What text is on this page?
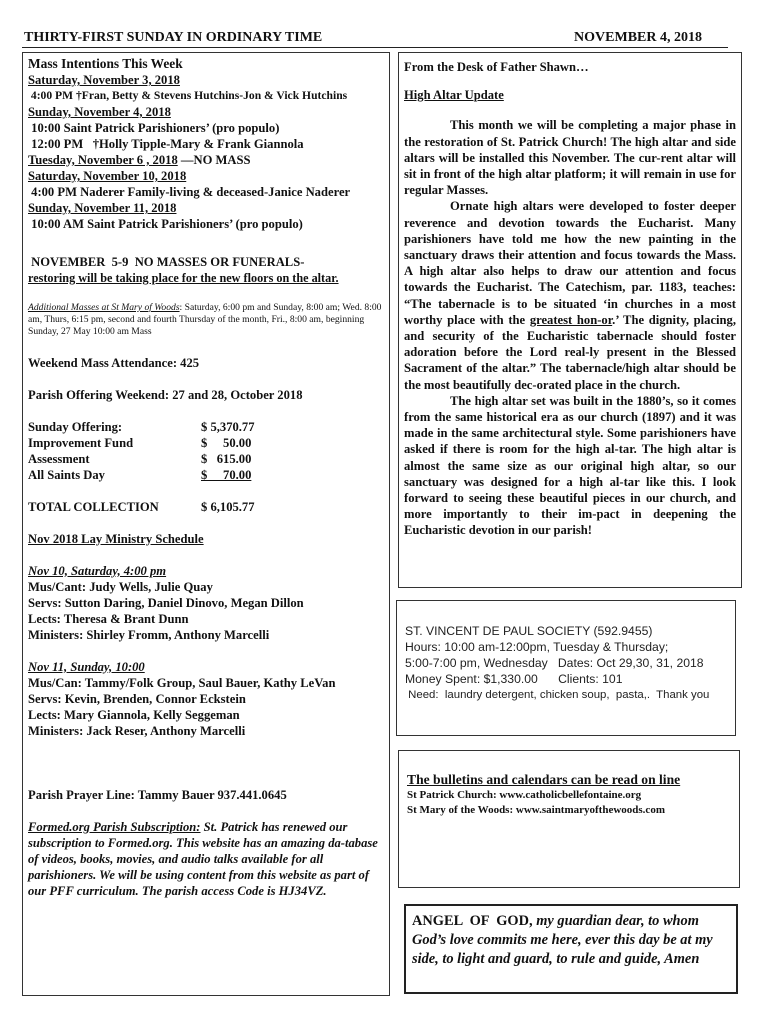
THIRTY-FIRST SUNDAY IN ORDINARY TIME	NOVEMBER 4, 2018
Mass Intentions This Week
Saturday, November 3, 2018
4:00 PM †Fran, Betty & Stevens Hutchins-Jon & Vick Hutchins
Sunday, November 4, 2018
10:00 Saint Patrick Parishioners’ (pro populo)
12:00 PM   †Holly Tipple-Mary & Frank Giannola
Tuesday, November 6 , 2018 —NO MASS
Saturday, November 10, 2018
4:00 PM Naderer Family-living & deceased-Janice Naderer
Sunday, November 11, 2018
10:00 AM Saint Patrick Parishioners’ (pro populo)
NOVEMBER  5-9  NO MASSES OR FUNERALS-
restoring will be taking place for the new floors on the altar.
Additional Masses at St Mary of Woods: Saturday, 6:00 pm and Sunday, 8:00 am; Wed. 8:00 am, Thurs, 6:15 pm, second and fourth Thursday of the month, Fri., 8:00 am, beginning Sunday, 27 May 10:00 am Mass
Weekend Mass Attendance: 425
Parish Offering Weekend: 27 and 28, October 2018
Sunday Offering:	$ 5,370.77
Improvement Fund	$     50.00
Assessment	$   615.00
All Saints Day	$     70.00
TOTAL COLLECTION	$ 6,105.77
Nov 2018 Lay Ministry Schedule
Nov 10, Saturday, 4:00 pm
Mus/Cant: Judy Wells, Julie Quay
Servs: Sutton Daring, Daniel Dinovo, Megan Dillon
Lects: Theresa & Brant Dunn
Ministers: Shirley Fromm, Anthony Marcelli
Nov 11, Sunday, 10:00
Mus/Can: Tammy/Folk Group, Saul Bauer, Kathy LeVan
Servs: Kevin, Brenden, Connor Eckstein
Lects: Mary Giannola, Kelly Seggeman
Ministers: Jack Reser, Anthony Marcelli
Parish Prayer Line: Tammy Bauer 937.441.0645
Formed.org Parish Subscription: St. Patrick has renewed our subscription to Formed.org. This website has an amazing da-tabase of videos, books, movies, and audio talks available for all parishioners. We will be using content from this website as part of our PFF curriculum. The parish access Code is HJ34VZ.
From the Desk of Father Shawn…
High Altar Update

This month we will be completing a major phase in the restoration of St. Patrick Church! The high altar and side altars will be installed this November. The cur-rent altar will sit in front of the high altar platform; it will remain in use for regular Masses.

Ornate high altars were developed to foster deeper reverence and devotion towards the Eucharist. Many parishioners have told me how the new painting in the sanctuary draws their attention and focus towards the Mass. A high altar also helps to draw our attention and focus towards the Eucharist. The Catechism, par. 1183, teaches: “The tabernacle is to be situated ‘in churches in a most worthy place with the greatest hon-or.’ The dignity, placing, and security of the Eucharistic tabernacle should foster adoration before the Lord real-ly present in the Blessed Sacrament of the altar.” The tabernacle/high altar should be the most beautifully dec-orated place in the church.

The high altar set was built in the 1880’s, so it comes from the same historical era as our church (1897) and it was made in the same architectural style. Some parishioners have asked if there is room for the high al-tar. The high altar is almost the same size as our original high altar, so our sanctuary was designed for a high al-tar like this. I look forward to seeing these beautiful pieces in our church, and more importantly to their im-pact in deepening the Eucharistic devotion in our parish!

ST. VINCENT DE PAUL SOCIETY (592.9455)
Hours: 10:00 am-12:00pm, Tuesday & Thursday;
5:00-7:00 pm, Wednesday   Dates: Oct 29,30, 31, 2018
Money Spent: $1,330.00      Clients: 101
Need:  laundry detergent, chicken soup,  pasta,.  Thank you
The bulletins and calendars can be read on line
St Patrick Church: www.catholicbellefontaine.org
St Mary of the Woods: www.saintmaryofthewoods.com
ANGEL  OF  GOD, my guardian dear, to whom God’s love commits me here, ever this day be at my side, to light and guard, to rule and guide, Amen
